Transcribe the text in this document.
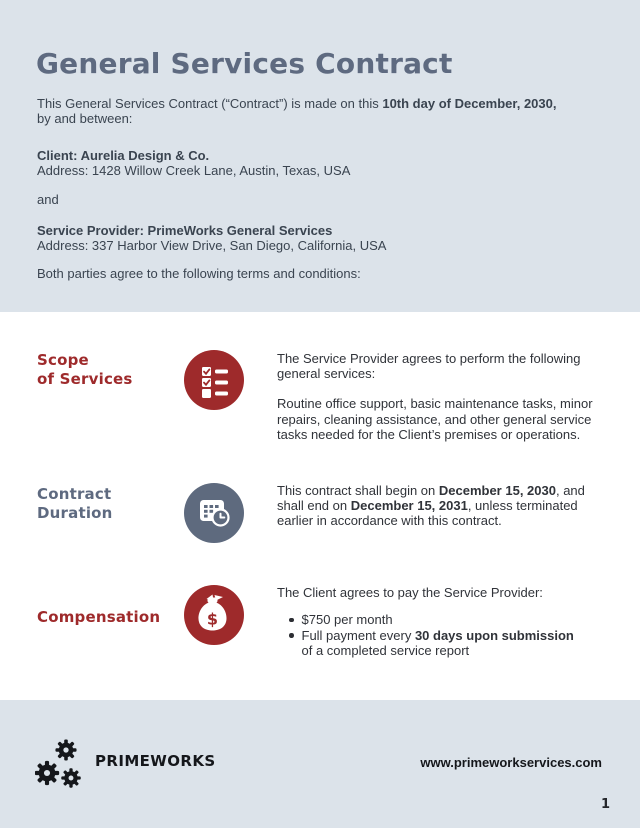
General Services Contract
This General Services Contract (“Contract”) is made on this 10th day of December, 2030,
by and between:
Client: Aurelia Design & Co.
Address: 1428 Willow Creek Lane, Austin, Texas, USA
and
Service Provider: PrimeWorks General Services
Address: 337 Harbor View Drive, San Diego, California, USA
Both parties agree to the following terms and conditions:
Scope
of Services
The Service Provider agrees to perform the following
general services:
Routine office support, basic maintenance tasks, minor
repairs, cleaning assistance, and other general service
tasks needed for the Client’s premises or operations.
Contract
Duration
This contract shall begin on December 15, 2030, and
shall end on December 15, 2031, unless terminated
earlier in accordance with this contract.
Compensation	$
The Client agrees to pay the Service Provider:
$750 per month
Full payment every 30 days upon submission
of a completed service report
PRIMEWORKS	www.primeworkservices.com
1
